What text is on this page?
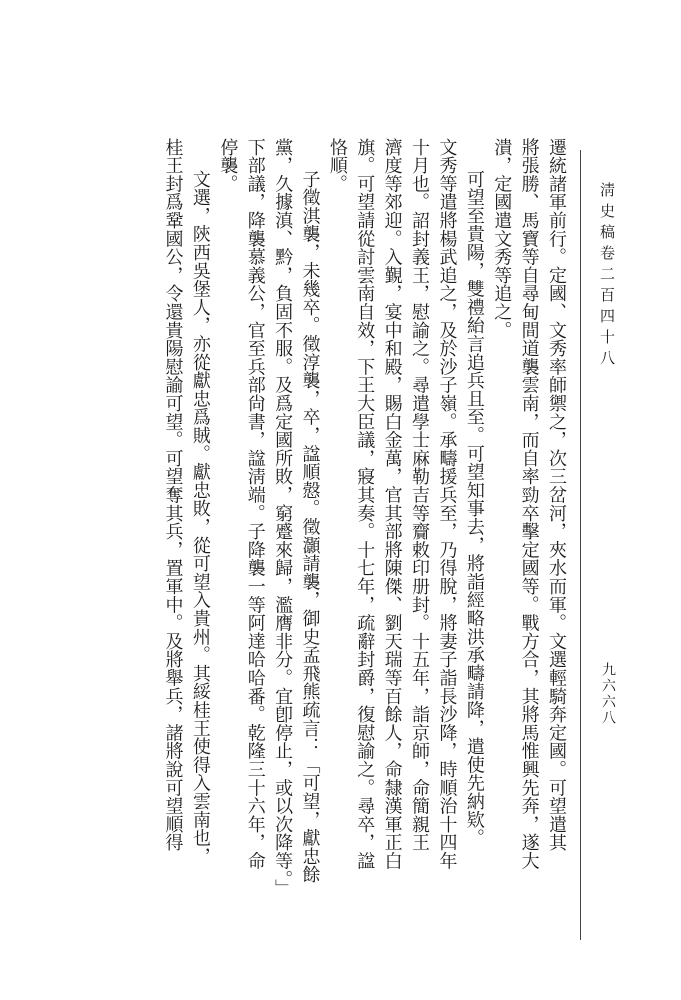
淸史稿卷二百四十八
九六六八
遷統諸軍前行。定國、文秀率師禦之，次三岔河，夾水而軍。文選輕騎奔定國。可望遣其
將張勝、馬寶等自尋甸間道襲雲南，而自率勁卒擊定國等。戰方合，其將馬惟興先奔，遂大
潰，定國遣文秀等追之。
可望至貴陽，雙禮紿言追兵且至。可望知事去，將詣經略洪承疇請降，遣使先納欵。
文秀等遣將楊武追之，及於沙子嶺。承疇援兵至，乃得脫，將妻子詣長沙降，時順治十四年
十月也。詔封義王，慰諭之。尋遣學士麻勒吉等齎敕印册封。十五年，詣京師，命簡親王
濟度等郊迎。入覲，宴中和殿，賜白金萬，官其部將陳傑、劉天瑞等百餘人，命隸漢軍正白
旗。可望請從討雲南自效，下王大臣議，寢其奏。十七年，疏辭封爵，復慰諭之。尋卒，諡
恪順。
子徵淇襲，未幾卒。徵淳襲，卒，諡順慤。徵灝請襲，御史孟飛熊疏言：「可望，獻忠餘
黨，久據滇、黔，負固不服。及爲定國所敗，窮蹙來歸，濫膺非分。宜卽停止，或以次降等。」
下部議，降襲慕義公，官至兵部尙書，諡淸端。子降襲一等阿達哈哈番。乾隆三十六年，命
停襲。
文選，陝西吳堡人，亦從獻忠爲賊。獻忠敗，從可望入貴州。其綏桂王使得入雲南也，
桂王封爲鞏國公，令還貴陽慰諭可望。可望奪其兵，置軍中。及將舉兵，諸將說可望順得
